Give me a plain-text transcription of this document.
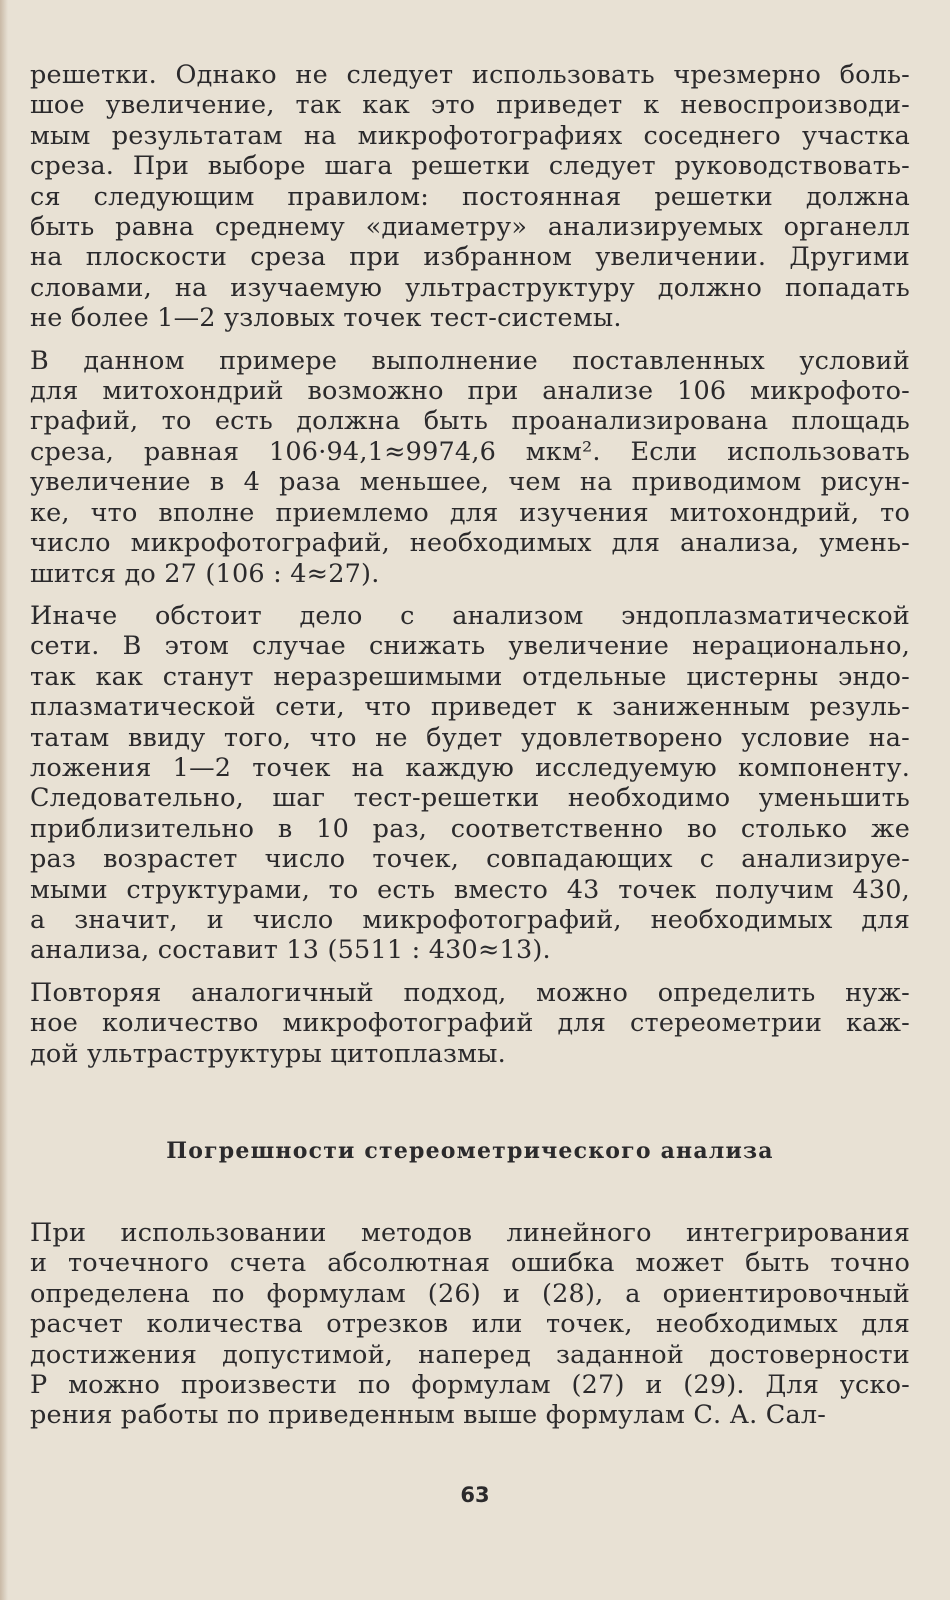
решетки. Однако не следует использовать чрезмерно боль-
шое увеличение, так как это приведет к невоспроизводи-
мым результатам на микрофотографиях соседнего участка
среза. При выборе шага решетки следует руководствовать-
ся следующим правилом: постоянная решетки должна
быть равна среднему «диаметру» анализируемых органелл
на плоскости среза при избранном увеличении. Другими
словами, на изучаемую ультраструктуру должно попадать
не более 1—2 узловых точек тест-системы.

В данном примере выполнение поставленных условий
для митохондрий возможно при анализе 106 микрофото-
графий, то есть должна быть проанализирована площадь
среза, равная 106·94,1≈9974,6 мкм². Если использовать
увеличение в 4 раза меньшее, чем на приводимом рисун-
ке, что вполне приемлемо для изучения митохондрий, то
число микрофотографий, необходимых для анализа, умень-
шится до 27 (106 : 4≈27).

Иначе обстоит дело с анализом эндоплазматической
сети. В этом случае снижать увеличение нерационально,
так как станут неразрешимыми отдельные цистерны эндо-
плазматической сети, что приведет к заниженным резуль-
татам ввиду того, что не будет удовлетворено условие на-
ложения 1—2 точек на каждую исследуемую компоненту.
Следовательно, шаг тест-решетки необходимо уменьшить
приблизительно в 10 раз, соответственно во столько же
раз возрастет число точек, совпадающих с анализируе-
мыми структурами, то есть вместо 43 точек получим 430,
а значит, и число микрофотографий, необходимых для
анализа, составит 13 (5511 : 430≈13).

Повторяя аналогичный подход, можно определить нуж-
ное количество микрофотографий для стереометрии каж-
дой ультраструктуры цитоплазмы.

Погрешности стереометрического анализа

При использовании методов линейного интегрирования
и точечного счета абсолютная ошибка может быть точно
определена по формулам (26) и (28), а ориентировочный
расчет количества отрезков или точек, необходимых для
достижения допустимой, наперед заданной достоверности
P можно произвести по формулам (27) и (29). Для уско-
рения работы по приведенным выше формулам С. А. Сал-

63
